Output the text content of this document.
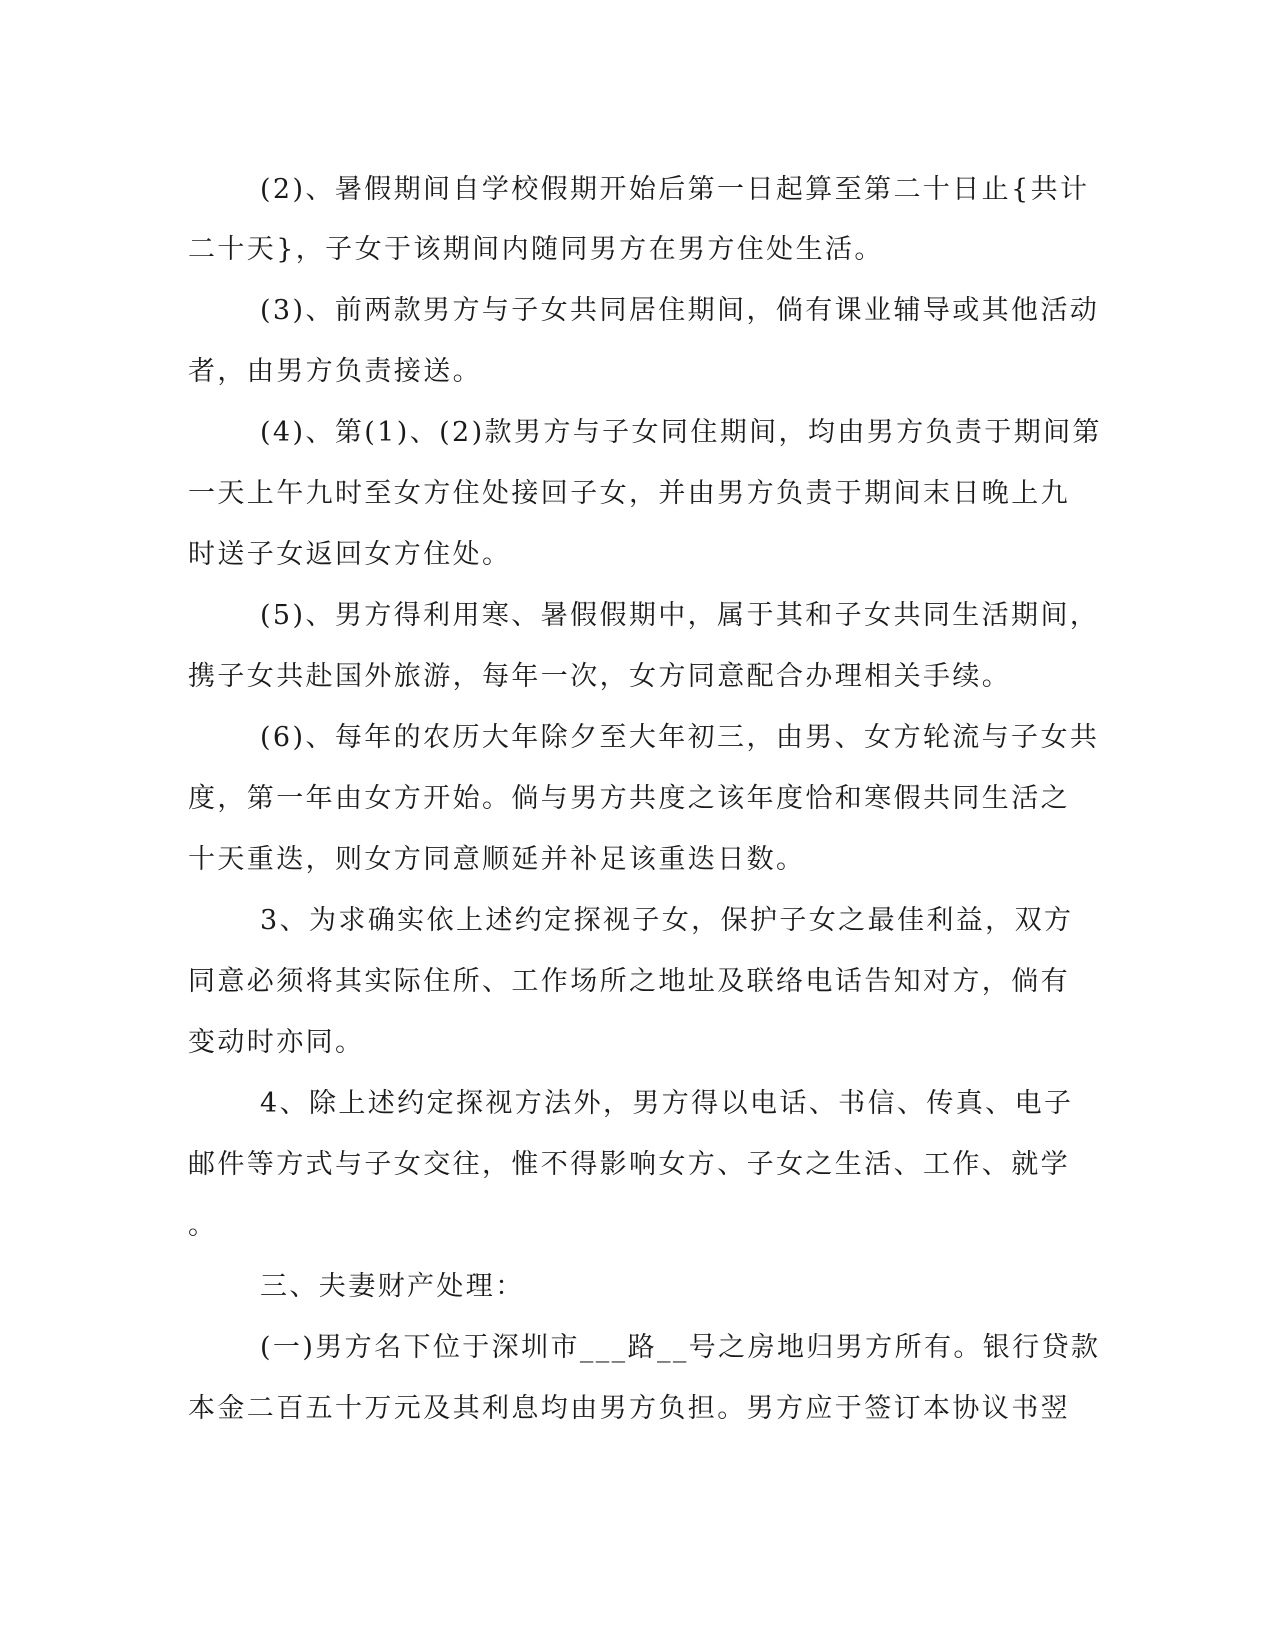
(2)、暑假期间自学校假期开始后第一日起算至第二十日止{共计
二十天}，子女于该期间内随同男方在男方住处生活。
(3)、前两款男方与子女共同居住期间，倘有课业辅导或其他活动
者，由男方负责接送。
(4)、第(1)、(2)款男方与子女同住期间，均由男方负责于期间第
一天上午九时至女方住处接回子女，并由男方负责于期间末日晚上九
时送子女返回女方住处。
(5)、男方得利用寒、暑假假期中，属于其和子女共同生活期间，
携子女共赴国外旅游，每年一次，女方同意配合办理相关手续。
(6)、每年的农历大年除夕至大年初三，由男、女方轮流与子女共
度，第一年由女方开始。倘与男方共度之该年度恰和寒假共同生活之
十天重迭，则女方同意顺延并补足该重迭日数。
3、为求确实依上述约定探视子女，保护子女之最佳利益，双方
同意必须将其实际住所、工作场所之地址及联络电话告知对方，倘有
变动时亦同。
4、除上述约定探视方法外，男方得以电话、书信、传真、电子
邮件等方式与子女交往，惟不得影响女方、子女之生活、工作、就学
。
三、夫妻财产处理：
(一)男方名下位于深圳市___路__号之房地归男方所有。银行贷款
本金二百五十万元及其利息均由男方负担。男方应于签订本协议书翌
